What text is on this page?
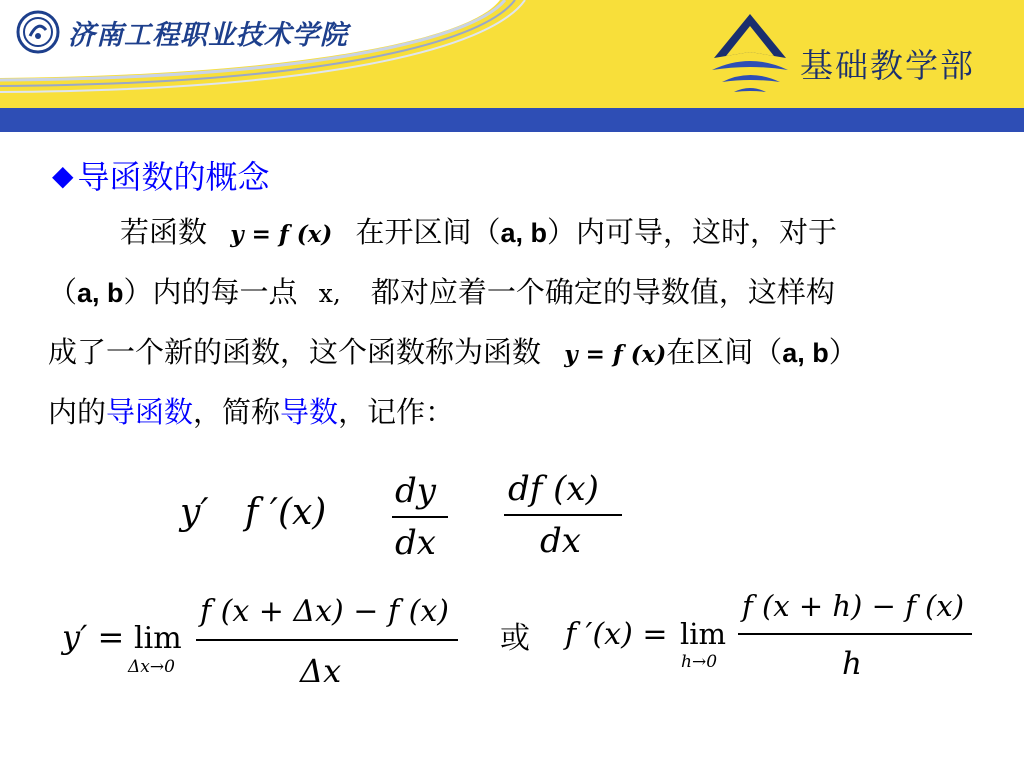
济南工程职业技术学院
基础教学部
◆ 导函数的概念
若函数 y = f (x) 在开区间（a, b）内可导，这时，对于
（a, b）内的每一点 x, 都对应着一个确定的导数值，这样构
成了一个新的函数，这个函数称为函数 y = f (x)在区间（a, b）
内的导函数，简称导数，记作：
y′ f ′(x)
dy
dx
df (x)
dx
y′ = lim
Δx→0
f (x + Δx) − f (x)
Δx
或 f ′(x) = lim
h→0
f (x + h) − f (x)
h
